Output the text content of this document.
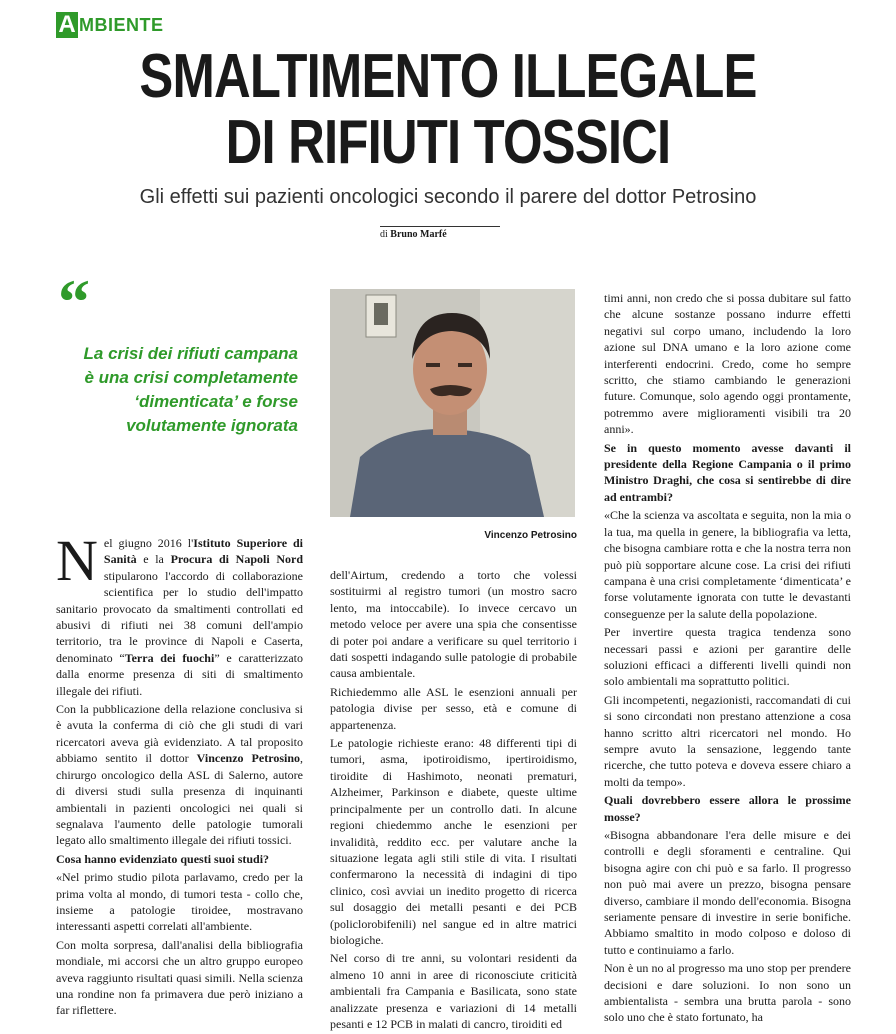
A MBIENTE
SMALTIMENTO ILLEGALE
DI RIFIUTI TOSSICI
Gli effetti sui pazienti oncologici secondo il parere del dottor Petrosino
di Bruno Marfé
“
La crisi dei rifiuti campana è una crisi completamente ‘dimenticata’ e forse volutamente ignorata
Vincenzo Petrosino

Nel giugno 2016 l'Istituto Superiore di Sanità e la Procura di Napoli Nord stipularono l'accordo di collaborazione scientifica per lo studio dell'impatto sanitario provocato da smaltimenti controllati ed abusivi di rifiuti nei 38 comuni dell'ampio territorio, tra le province di Napoli e Caserta, denominato “Terra dei fuochi” e caratterizzato dalla enorme presenza di siti di smaltimento illegale dei rifiuti.

Con la pubblicazione della relazione conclusiva si è avuta la conferma di ciò che gli studi di vari ricercatori aveva già evidenziato. A tal proposito abbiamo sentito il dottor Vincenzo Petrosino, chirurgo oncologico della ASL di Salerno, autore di diversi studi sulla presenza di inquinanti ambientali in pazienti oncologici nei quali si segnalava l'aumento delle patologie tumorali legato allo smaltimento illegale dei rifiuti tossici.

Cosa hanno evidenziato questi suoi studi?

«Nel primo studio pilota parlavamo, credo per la prima volta al mondo, di tumori testa - collo che, insieme a patologie tiroidee, mostravano interessanti aspetti correlati all'ambiente.

Con molta sorpresa, dall'analisi della bibliografia mondiale, mi accorsi che un altro gruppo europeo aveva raggiunto risultati quasi simili. Nella scienza una rondine non fa primavera due però iniziano a far riflettere.

dell'Airtum, credendo a torto che volessi sostituirmi al registro tumori (un mostro sacro lento, ma intoccabile). Io invece cercavo un metodo veloce per avere una spia che consentisse di poter poi andare a verificare su quel territorio i dati sospetti indagando sulle patologie di probabile causa ambientale.

Richiedemmo alle ASL le esenzioni annuali per patologia divise per sesso, età e comune di appartenenza.

Le patologie richieste erano: 48 differenti tipi di tumori, asma, ipotiroidismo, ipertiroidismo, tiroidite di Hashimoto, neonati prematuri, Alzheimer, Parkinson e diabete, queste ultime principalmente per un controllo dati. In alcune regioni chiedemmo anche le esenzioni per invalidità, reddito ecc. per valutare anche la situazione legata agli stili stile di vita. I risultati confermarono la necessità di indagini di tipo clinico, così avviai un inedito progetto di ricerca sul dosaggio dei metalli pesanti e dei PCB (policlorobifenili) nel sangue ed in altre matrici biologiche.

Nel corso di tre anni, su volontari residenti da almeno 10 anni in aree di riconosciute criticità ambientali fra Campania e Basilicata, sono state analizzate presenza e variazioni di 14 metalli pesanti e 12 PCB in malati di cancro, tiroiditi ed

timi anni, non credo che si possa dubitare sul fatto che alcune sostanze possano indurre effetti negativi sul corpo umano, includendo la loro azione sul DNA umano e la loro azione come interferenti endocrini. Credo, come ho sempre scritto, che stiamo cambiando le generazioni future. Comunque, solo agendo oggi prontamente, potremmo avere miglioramenti visibili tra 20 anni».

Se in questo momento avesse davanti il presidente della Regione Campania o il primo Ministro Draghi, che cosa si sentirebbe di dire ad entrambi?

«Che la scienza va ascoltata e seguita, non la mia o la tua, ma quella in genere, la bibliografia va letta, che bisogna cambiare rotta e che la nostra terra non può più sopportare alcune cose. La crisi dei rifiuti campana è una crisi completamente ‘dimenticata’ e forse volutamente ignorata con tutte le devastanti conseguenze per la salute della popolazione.

Per invertire questa tragica tendenza sono necessari passi e azioni per garantire delle soluzioni efficaci a differenti livelli quindi non solo ambientali ma soprattutto politici.

Gli incompetenti, negazionisti, raccomandati di cui si sono circondati non prestano attenzione a cosa hanno scritto altri ricercatori nel mondo. Ho sempre avuto la sensazione, leggendo tante ricerche, che tutto poteva e doveva essere chiaro a molti da tempo».

Quali dovrebbero essere allora le prossime mosse?

«Bisogna abbandonare l'era delle misure e dei controlli e degli sforamenti e centraline. Qui bisogna agire con chi può e sa farlo. Il progresso non può mai avere un prezzo, bisogna pensare diverso, cambiare il mondo dell'economia. Bisogna seriamente pensare di investire in serie bonifiche. Abbiamo smaltito in modo colposo e doloso di tutto e continuiamo a farlo.

Non è un no al progresso ma uno stop per prendere decisioni e dare soluzioni. Io non sono un ambientalista - sembra una brutta parola - sono solo uno che è stato fortunato, ha
